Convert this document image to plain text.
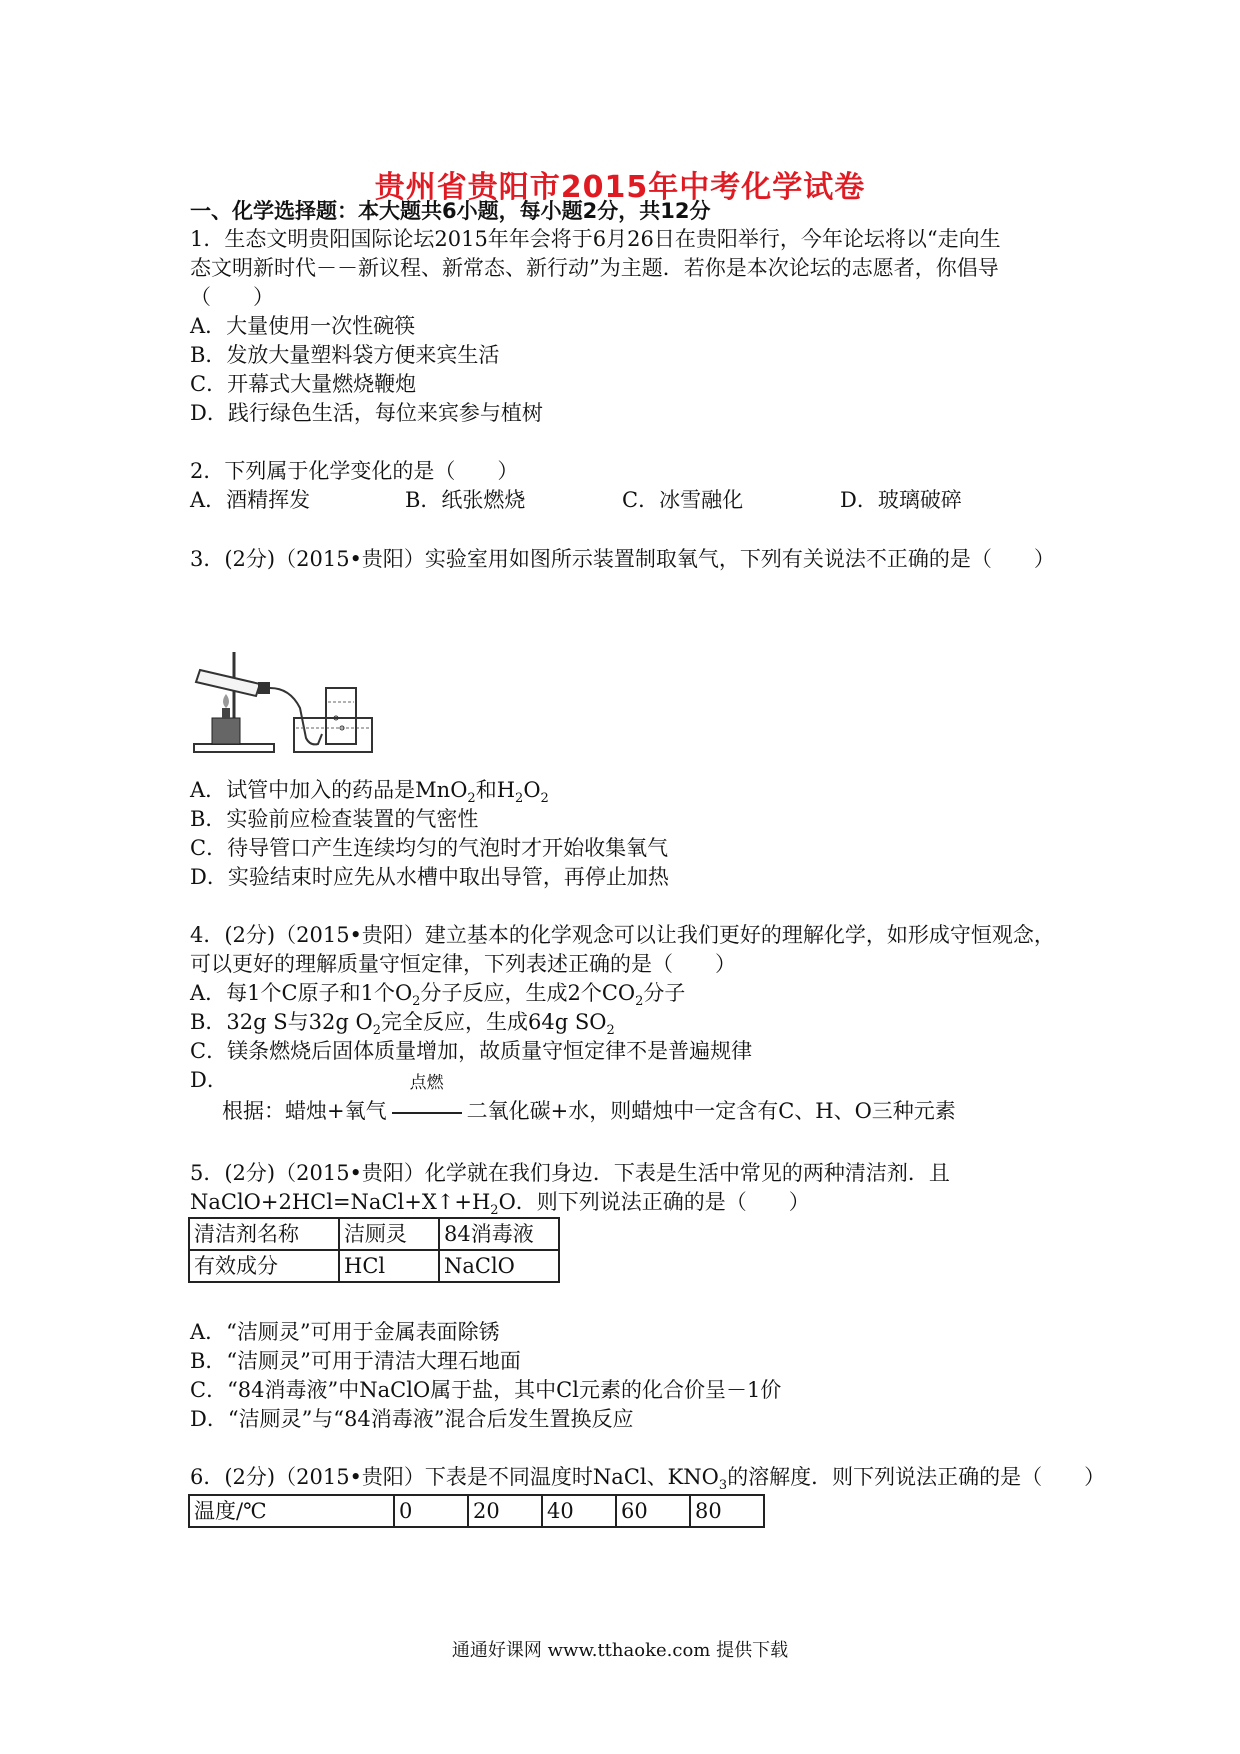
贵州省贵阳市2015年中考化学试卷
一、化学选择题：本大题共6小题，每小题2分，共12分
1．生态文明贵阳国际论坛2015年年会将于6月26日在贵阳举行，今年论坛将以“走向生
态文明新时代－－新议程、新常态、新行动”为主题．若你是本次论坛的志愿者，你倡导
（　　）
A．大量使用一次性碗筷
B．发放大量塑料袋方便来宾生活
C．开幕式大量燃烧鞭炮
D．践行绿色生活，每位来宾参与植树
2．下列属于化学变化的是（　　）
A．酒精挥发	B．纸张燃烧	C．冰雪融化	D．玻璃破碎
3．(2分)（2015•贵阳）实验室用如图所示装置制取氧气，下列有关说法不正确的是（　　）
A．试管中加入的药品是MnO$_2$和$H_2O_2$
B．实验前应检查装置的气密性
C．待导管口产生连续均匀的气泡时才开始收集氧气
D．实验结束时应先从水槽中取出导管，再停止加热
4．(2分)（2015•贵阳）建立基本的化学观念可以让我们更好的理解化学，如形成守恒观念，
可以更好的理解质量守恒定律，下列表述正确的是（　　）
A．每1个C原子和1个$O_2$分子反应，生成2个$CO_2$分子
B．32g S与32g $O_2$完全反应，生成64g $SO_2$
C．镁条燃烧后固体质量增加，故质量守恒定律不是普遍规律
D．
根据：蜡烛+氧气
点燃
二氧化碳+水，则蜡烛中一定含有C、H、O三种元素
5．(2分)（2015•贵阳）化学就在我们身边．下表是生活中常见的两种清洁剂．且
$NaClO+2HCl=NaCl+X↑+H_2O$．则下列说法正确的是（　　）
清洁剂名称	洁厕灵	84消毒液
有效成分	HCl	NaClO
A．“洁厕灵”可用于金属表面除锈
B．“洁厕灵”可用于清洁大理石地面
C．“84消毒液”中NaClO属于盐，其中Cl元素的化合价呈－1价
D．“洁厕灵”与“84消毒液”混合后发生置换反应
6．(2分)（2015•贵阳）下表是不同温度时NaCl、$KNO_3$的溶解度．则下列说法正确的是（　　）
温度/℃	0	20	40	60	80
通通好课网 www.tthaoke.com 提供下载
